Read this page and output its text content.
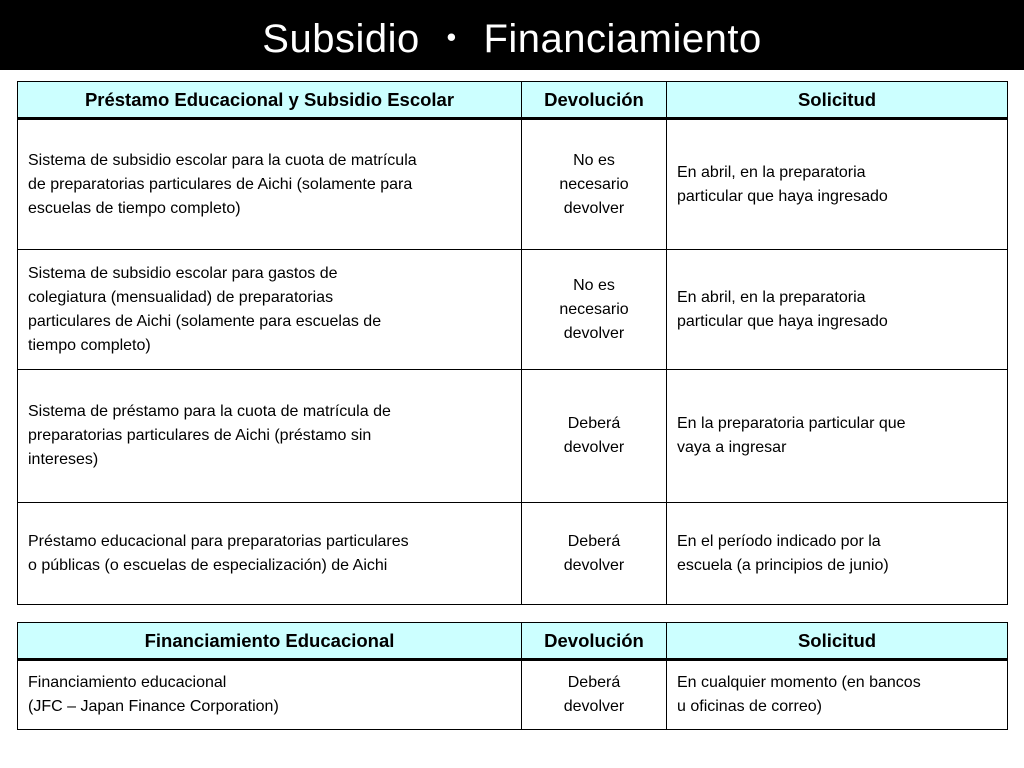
Subsidio ・ Financiamiento
Préstamo Educacional y Subsidio Escolar	Devolución	Solicitud
Sistema de subsidio escolar para la cuota de matrícula
de preparatorias particulares de Aichi (solamente para
escuelas de tiempo completo)	No es
necesario
devolver	En abril, en la preparatoria
particular que haya ingresado
Sistema de subsidio escolar para gastos de
colegiatura (mensualidad) de preparatorias
particulares de Aichi (solamente para escuelas de
tiempo completo)	No es
necesario
devolver	En abril, en la preparatoria
particular que haya ingresado
Sistema de préstamo para la cuota de matrícula de
preparatorias particulares de Aichi (préstamo sin
intereses)	Deberá
devolver	En la preparatoria particular que
vaya a ingresar
Préstamo educacional para preparatorias particulares
o públicas (o escuelas de especialización) de Aichi	Deberá
devolver	En el período indicado por la
escuela (a principios de junio)
Financiamiento Educacional	Devolución	Solicitud
Financiamiento educacional
(JFC – Japan Finance Corporation)	Deberá
devolver	En cualquier momento (en bancos
u oficinas de correo)
